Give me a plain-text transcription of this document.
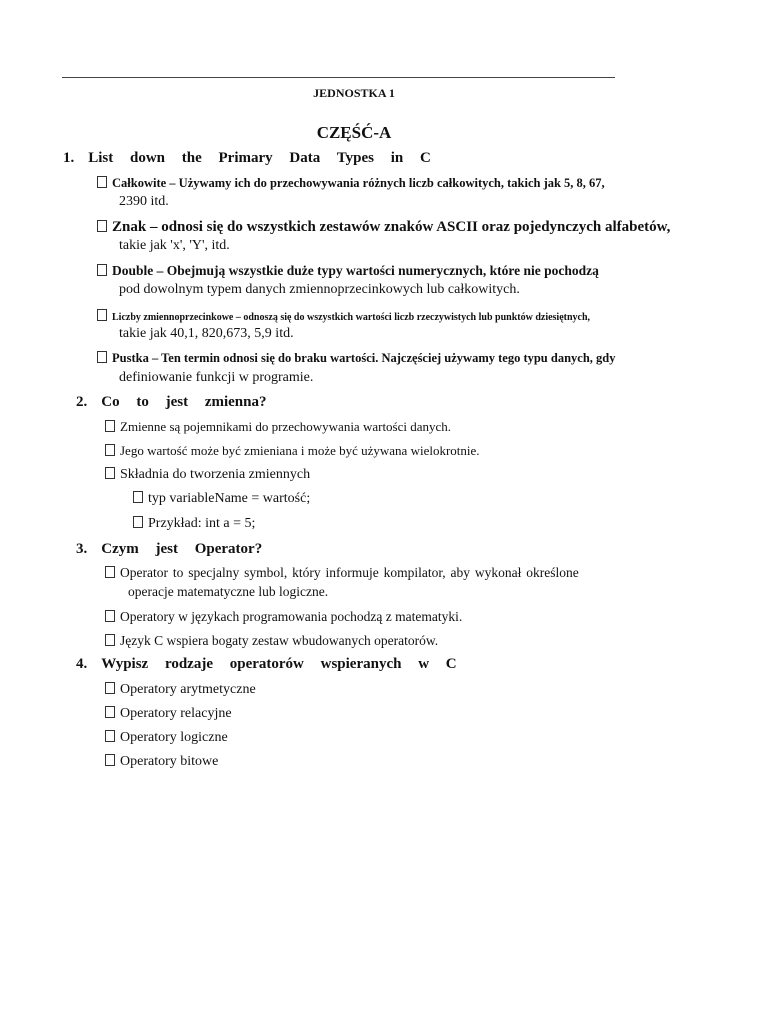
JEDNOSTKA 1
CZĘŚĆ-A
1. List down the Primary Data Types in C
Całkowite – Używamy ich do przechowywania różnych liczb całkowitych, takich jak 5, 8, 67,
2390 itd.
Znak – odnosi się do wszystkich zestawów znaków ASCII oraz pojedynczych alfabetów,
takie jak 'x', 'Y', itd.
Double – Obejmują wszystkie duże typy wartości numerycznych, które nie pochodzą
pod dowolnym typem danych zmiennoprzecinkowych lub całkowitych.
Liczby zmiennoprzecinkowe – odnoszą się do wszystkich wartości liczb rzeczywistych lub punktów dziesiętnych,
takie jak 40,1, 820,673, 5,9 itd.
Pustka – Ten termin odnosi się do braku wartości. Najczęściej używamy tego typu danych, gdy
definiowanie funkcji w programie.
2. Co to jest zmienna?
Zmienne są pojemnikami do przechowywania wartości danych.
Jego wartość może być zmieniana i może być używana wielokrotnie.
Składnia do tworzenia zmiennych
typ variableName = wartość;
Przykład: int a = 5;
3. Czym jest Operator?
Operator to specjalny symbol, który informuje kompilator, aby wykonał określone
operacje matematyczne lub logiczne.
Operatory w językach programowania pochodzą z matematyki.
Język C wspiera bogaty zestaw wbudowanych operatorów.
4. Wypisz rodzaje operatorów wspieranych w C
Operatory arytmetyczne
Operatory relacyjne
Operatory logiczne
Operatory bitowe
